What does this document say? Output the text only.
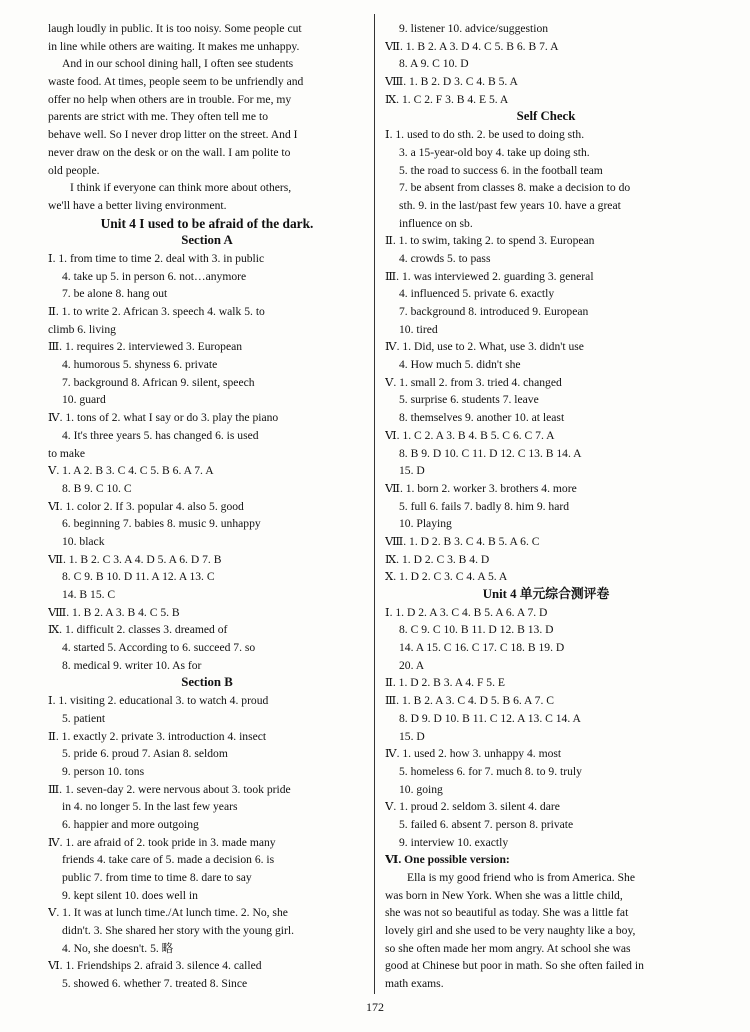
laugh loudly in public. It is too noisy. Some people cut
in line while others are waiting. It makes me unhappy.
And in our school dining hall, I often see students
waste food. At times, people seem to be unfriendly and
offer no help when others are in trouble. For me, my
parents are strict with me. They often tell me to
behave well. So I never drop litter on the street. And I
never draw on the desk or on the wall. I am polite to
old people.
I think if everyone can think more about others,
we'll have a better living environment.
Unit 4 I used to be afraid of the dark.
Section A
Ⅰ. 1. from time to time 2. deal with 3. in public
4. take up 5. in person 6. not…anymore
7. be alone 8. hang out
Ⅱ. 1. to write 2. African 3. speech 4. walk 5. to
climb 6. living
Ⅲ. 1. requires 2. interviewed 3. European
4. humorous 5. shyness 6. private
7. background 8. African 9. silent, speech
10. guard
Ⅳ. 1. tons of 2. what I say or do 3. play the piano
4. It's three years 5. has changed 6. is used
to make
Ⅴ. 1. A 2. B 3. C 4. C 5. B 6. A 7. A
8. B 9. C 10. C
Ⅵ. 1. color 2. If 3. popular 4. also 5. good
6. beginning 7. babies 8. music 9. unhappy
10. black
Ⅶ. 1. B 2. C 3. A 4. D 5. A 6. D 7. B
8. C 9. B 10. D 11. A 12. A 13. C
14. B 15. C
Ⅷ. 1. B 2. A 3. B 4. C 5. B
Ⅸ. 1. difficult 2. classes 3. dreamed of
4. started 5. According to 6. succeed 7. so
8. medical 9. writer 10. As for
Section B
Ⅰ. 1. visiting 2. educational 3. to watch 4. proud
5. patient
Ⅱ. 1. exactly 2. private 3. introduction 4. insect
5. pride 6. proud 7. Asian 8. seldom
9. person 10. tons
Ⅲ. 1. seven-day 2. were nervous about 3. took pride
in 4. no longer 5. In the last few years
6. happier and more outgoing
Ⅳ. 1. are afraid of 2. took pride in 3. made many
friends 4. take care of 5. made a decision 6. is
public 7. from time to time 8. dare to say
9. kept silent 10. does well in
Ⅴ. 1. It was at lunch time./At lunch time. 2. No, she
didn't. 3. She shared her story with the young girl.
4. No, she doesn't. 5. 略
Ⅵ. 1. Friendships 2. afraid 3. silence 4. called
5. showed 6. whether 7. treated 8. Since
9. listener 10. advice/suggestion
Ⅶ. 1. B 2. A 3. D 4. C 5. B 6. B 7. A
8. A 9. C 10. D
Ⅷ. 1. B 2. D 3. C 4. B 5. A
Ⅸ. 1. C 2. F 3. B 4. E 5. A
Self Check
Ⅰ. 1. used to do sth. 2. be used to doing sth.
3. a 15-year-old boy 4. take up doing sth.
5. the road to success 6. in the football team
7. be absent from classes 8. make a decision to do
sth. 9. in the last/past few years 10. have a great
influence on sb.
Ⅱ. 1. to swim, taking 2. to spend 3. European
4. crowds 5. to pass
Ⅲ. 1. was interviewed 2. guarding 3. general
4. influenced 5. private 6. exactly
7. background 8. introduced 9. European
10. tired
Ⅳ. 1. Did, use to 2. What, use 3. didn't use
4. How much 5. didn't she
Ⅴ. 1. small 2. from 3. tried 4. changed
5. surprise 6. students 7. leave
8. themselves 9. another 10. at least
Ⅵ. 1. C 2. A 3. B 4. B 5. C 6. C 7. A
8. B 9. D 10. C 11. D 12. C 13. B 14. A
15. D
Ⅶ. 1. born 2. worker 3. brothers 4. more
5. full 6. fails 7. badly 8. him 9. hard
10. Playing
Ⅷ. 1. D 2. B 3. C 4. B 5. A 6. C
Ⅸ. 1. D 2. C 3. B 4. D
Ⅹ. 1. D 2. C 3. C 4. A 5. A
Unit 4 单元综合测评卷
Ⅰ. 1. D 2. A 3. C 4. B 5. A 6. A 7. D
8. C 9. C 10. B 11. D 12. B 13. D
14. A 15. C 16. C 17. C 18. B 19. D
20. A
Ⅱ. 1. D 2. B 3. A 4. F 5. E
Ⅲ. 1. B 2. A 3. C 4. D 5. B 6. A 7. C
8. D 9. D 10. B 11. C 12. A 13. C 14. A
15. D
Ⅳ. 1. used 2. how 3. unhappy 4. most
5. homeless 6. for 7. much 8. to 9. truly
10. going
Ⅴ. 1. proud 2. seldom 3. silent 4. dare
5. failed 6. absent 7. person 8. private
9. interview 10. exactly
Ⅵ. One possible version:
Ella is my good friend who is from America. She
was born in New York. When she was a little child,
she was not so beautiful as today. She was a little fat
lovely girl and she used to be very naughty like a boy,
so she often made her mom angry. At school she was
good at Chinese but poor in math. So she often failed in
math exams.
172
